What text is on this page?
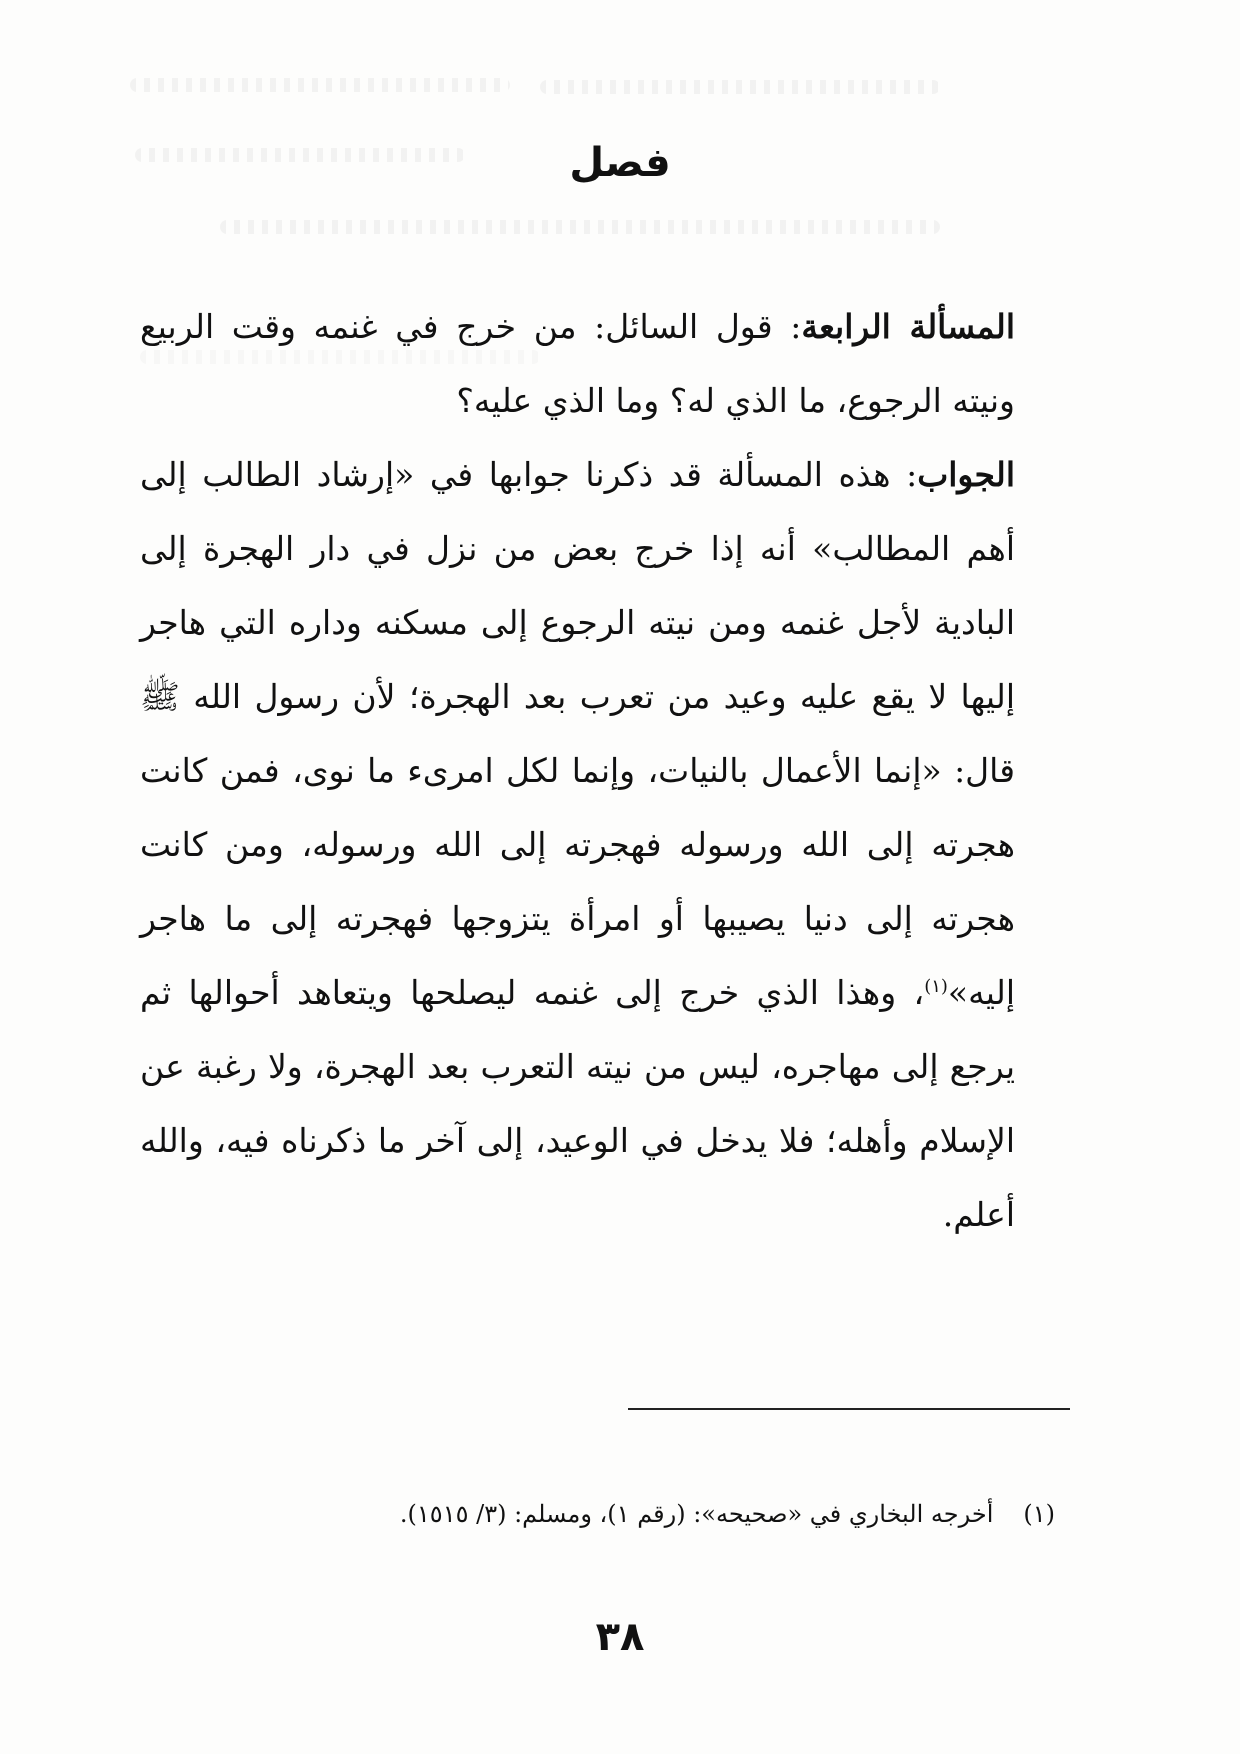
فصل

المسألة الرابعة: قول السائل: من خرج في غنمه وقت الربيع ونيته الرجوع، ما الذي له؟ وما الذي عليه؟

الجواب: هذه المسألة قد ذكرنا جوابها في «إرشاد الطالب إلى أهم المطالب» أنه إذا خرج بعض من نزل في دار الهجرة إلى البادية لأجل غنمه ومن نيته الرجوع إلى مسكنه وداره التي هاجر إليها لا يقع عليه وعيد من تعرب بعد الهجرة؛ لأن رسول الله ﷺ قال: «إنما الأعمال بالنيات، وإنما لكل امرىء ما نوى، فمن كانت هجرته إلى الله ورسوله فهجرته إلى الله ورسوله، ومن كانت هجرته إلى دنيا يصيبها أو امرأة يتزوجها فهجرته إلى ما هاجر إليه»$^{(١)}$، وهذا الذي خرج إلى غنمه ليصلحها ويتعاهد أحوالها ثم يرجع إلى مهاجره، ليس من نيته التعرب بعد الهجرة، ولا رغبة عن الإسلام وأهله؛ فلا يدخل في الوعيد، إلى آخر ما ذكرناه فيه، والله أعلم.

(١)أخرجه البخاري في «صحيحه»: (رقم ١)، ومسلم: (٣/ ١٥١٥).
٣٨
